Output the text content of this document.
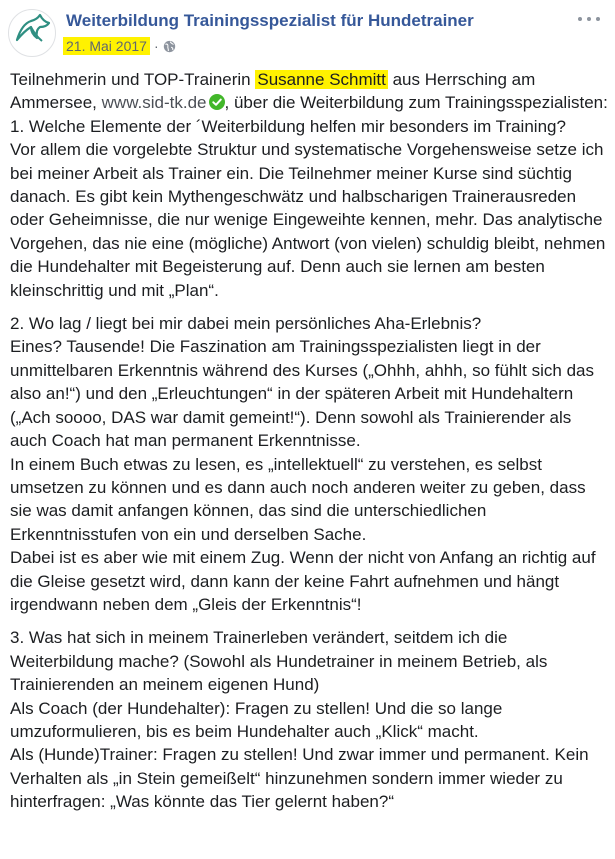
Weiterbildung Trainingsspezialist für Hundetrainer
21. Mai 2017 ·

Teilnehmerin und TOP-Trainerin Susanne Schmitt aus Herrsching am Ammersee, www.sid-tk.de , über die Weiterbildung zum Trainingsspezialisten:
1. Welche Elemente der ´Weiterbildung helfen mir besonders im Training?
Vor allem die vorgelebte Struktur und systematische Vorgehensweise setze ich bei meiner Arbeit als Trainer ein. Die Teilnehmer meiner Kurse sind süchtig danach. Es gibt kein Mythengeschwätz und halbscharigen Trainerausreden oder Geheimnisse, die nur wenige Eingeweihte kennen, mehr. Das analytische Vorgehen, das nie eine (mögliche) Antwort (von vielen) schuldig bleibt, nehmen die Hundehalter mit Begeisterung auf. Denn auch sie lernen am besten kleinschrittig und mit „Plan“.

2. Wo lag / liegt bei mir dabei mein persönliches Aha-Erlebnis?
Eines? Tausende! Die Faszination am Trainingsspezialisten liegt in der unmittelbaren Erkenntnis während des Kurses („Ohhh, ahhh, so fühlt sich das also an!“) und den „Erleuchtungen“ in der späteren Arbeit mit Hundehaltern („Ach soooo, DAS war damit gemeint!“). Denn sowohl als Trainierender als auch Coach hat man permanent Erkenntnisse.
In einem Buch etwas zu lesen, es „intellektuell“ zu verstehen, es selbst umsetzen zu können und es dann auch noch anderen weiter zu geben, dass sie was damit anfangen können, das sind die unterschiedlichen Erkenntnisstufen von ein und derselben Sache.
Dabei ist es aber wie mit einem Zug. Wenn der nicht von Anfang an richtig auf die Gleise gesetzt wird, dann kann der keine Fahrt aufnehmen und hängt irgendwann neben dem „Gleis der Erkenntnis“!

3. Was hat sich in meinem Trainerleben verändert, seitdem ich die Weiterbildung mache? (Sowohl als Hundetrainer in meinem Betrieb, als Trainierenden an meinem eigenen Hund)
Als Coach (der Hundehalter): Fragen zu stellen! Und die so lange umzuformulieren, bis es beim Hundehalter auch „Klick“ macht.
Als (Hunde)Trainer: Fragen zu stellen! Und zwar immer und permanent. Kein Verhalten als „in Stein gemeißelt“ hinzunehmen sondern immer wieder zu hinterfragen: „Was könnte das Tier gelernt haben?“
